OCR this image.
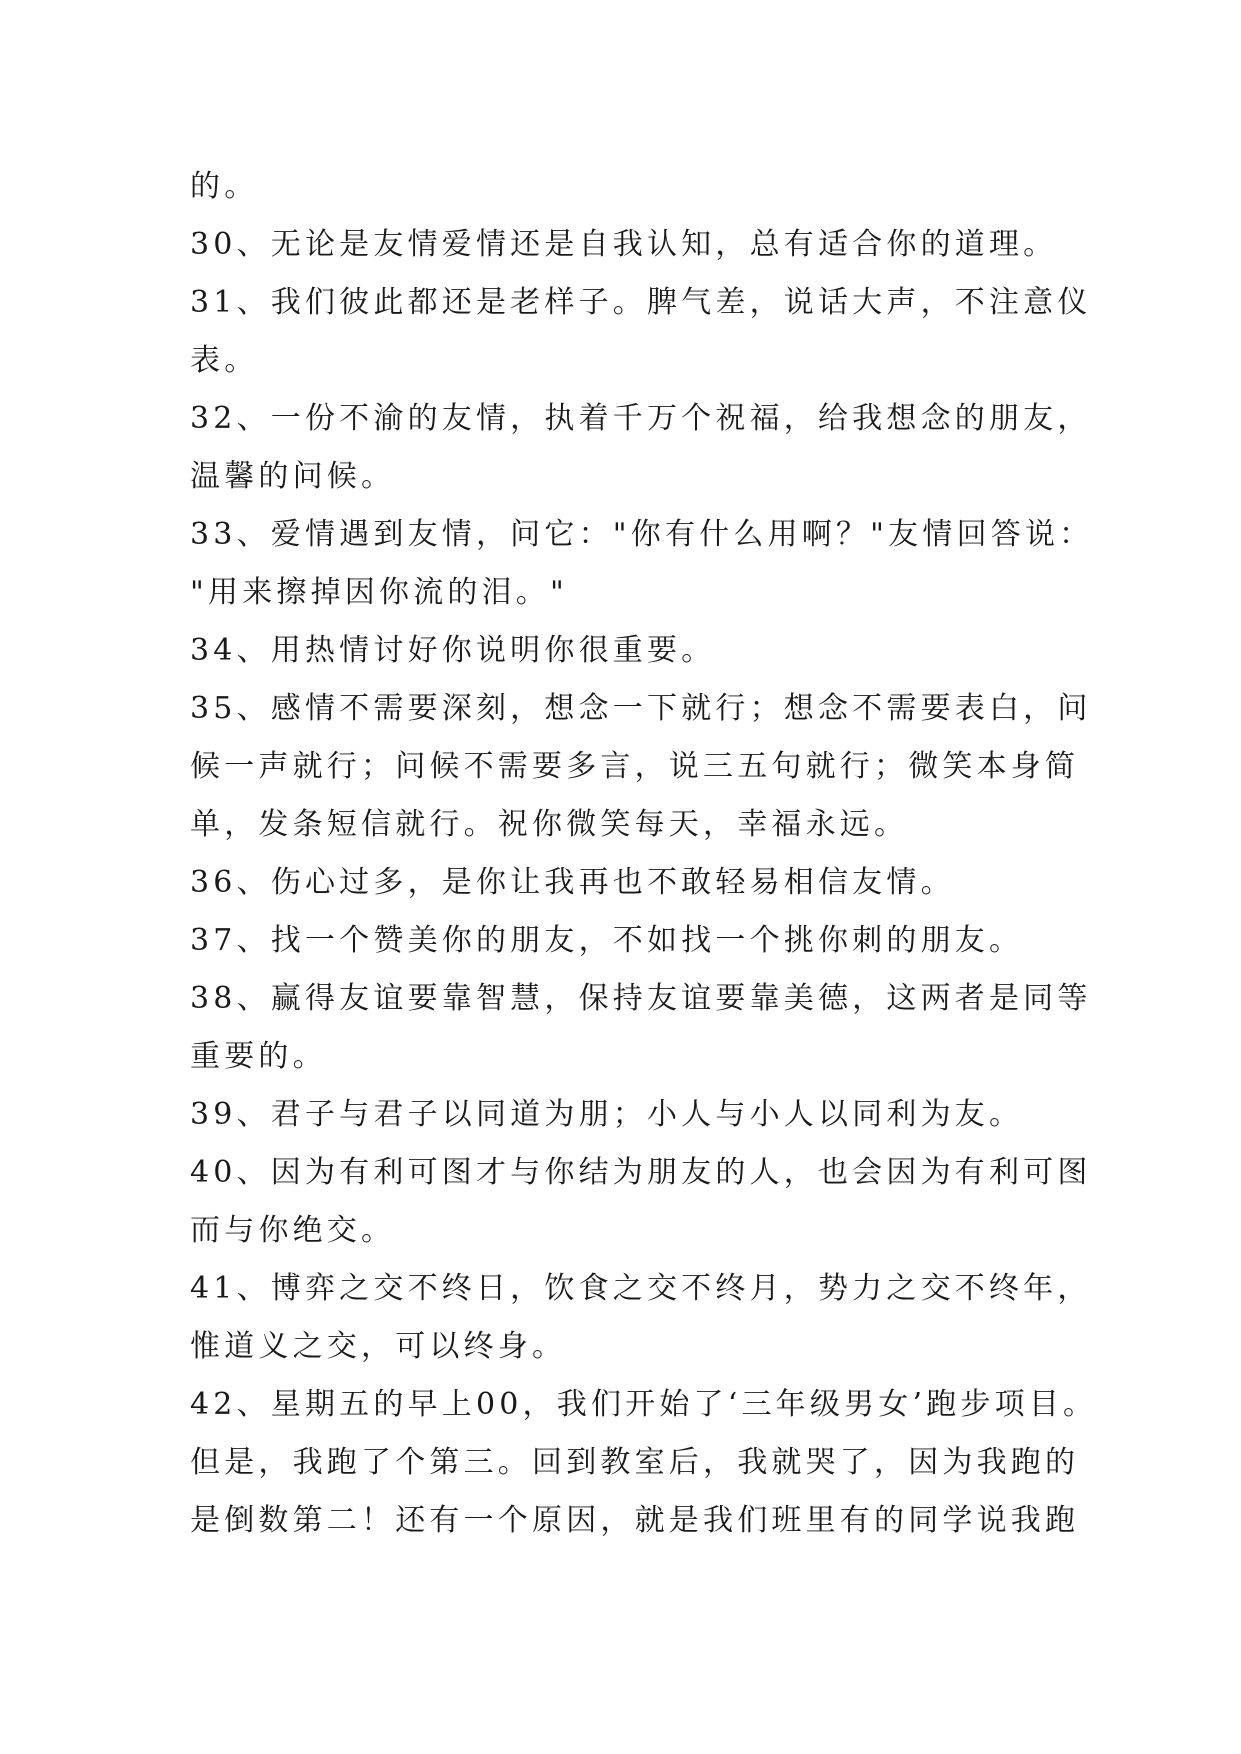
的。
30、无论是友情爱情还是自我认知，总有适合你的道理。
31、我们彼此都还是老样子。脾气差，说话大声，不注意仪
表。
32、一份不渝的友情，执着千万个祝福，给我想念的朋友，
温馨的问候。
33、爱情遇到友情，问它："你有什么用啊？"友情回答说：
"用来擦掉因你流的泪。"
34、用热情讨好你说明你很重要。
35、感情不需要深刻，想念一下就行；想念不需要表白，问
候一声就行；问候不需要多言，说三五句就行；微笑本身简
单，发条短信就行。祝你微笑每天，幸福永远。
36、伤心过多，是你让我再也不敢轻易相信友情。
37、找一个赞美你的朋友，不如找一个挑你刺的朋友。
38、赢得友谊要靠智慧，保持友谊要靠美德，这两者是同等
重要的。
39、君子与君子以同道为朋；小人与小人以同利为友。
40、因为有利可图才与你结为朋友的人，也会因为有利可图
而与你绝交。
41、博弈之交不终日，饮食之交不终月，势力之交不终年，
惟道义之交，可以终身。
42、星期五的早上00，我们开始了‘三年级男女’跑步项目。
但是，我跑了个第三。回到教室后，我就哭了，因为我跑的
是倒数第二！还有一个原因，就是我们班里有的同学说我跑
